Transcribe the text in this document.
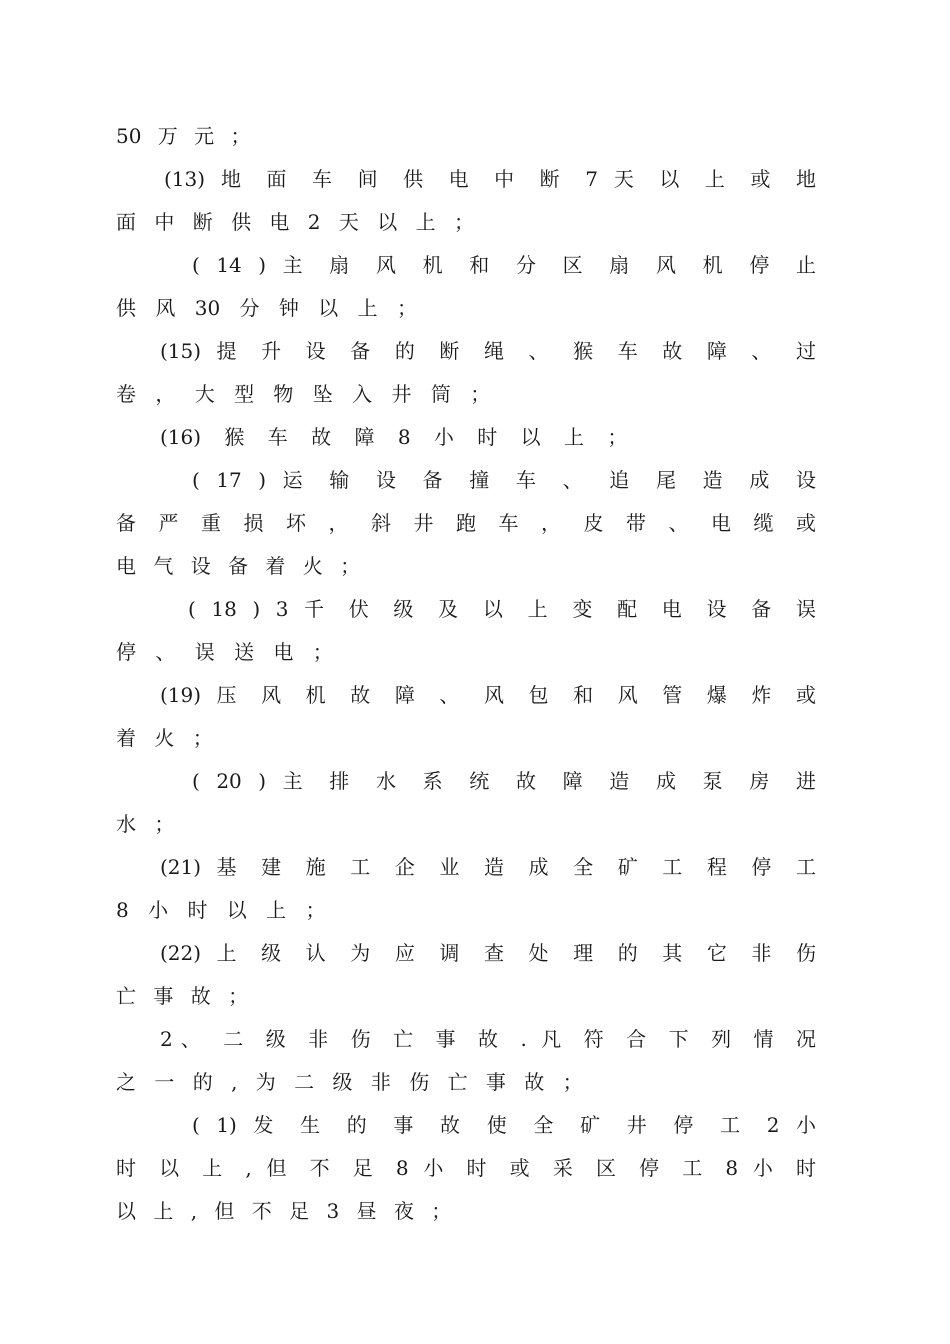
50 万 元 ；
(13) 地 面 车 间 供 电 中 断 7 天 以 上 或 地
面 中 断 供 电 2 天 以 上 ；
( 14 ) 主 扇 风 机 和 分 区 扇 风 机 停 止
供 风 30 分 钟 以 上 ；
(15) 提 升 设 备 的 断 绳 、 猴 车 故 障 、 过
卷 ， 大 型 物 坠 入 井 筒 ；
(16) 猴 车 故 障 8 小 时 以 上 ；
( 17 ) 运 输 设 备 撞 车 、 追 尾 造 成 设
备 严 重 损 坏 ， 斜 井 跑 车 ， 皮 带 、 电 缆 或
电 气 设 备 着 火 ；
( 18 ) 3 千 伏 级 及 以 上 变 配 电 设 备 误
停 、 误 送 电 ；
(19) 压 风 机 故 障 、 风 包 和 风 管 爆 炸 或
着 火 ；
( 20 ) 主 排 水 系 统 故 障 造 成 泵 房 进
水 ；
(21) 基 建 施 工 企 业 造 成 全 矿 工 程 停 工
8 小 时 以 上 ；
(22) 上 级 认 为 应 调 查 处 理 的 其 它 非 伤
亡 事 故 ；
2、 二 级 非 伤 亡 事 故 . 凡 符 合 下 列 情 况
之 一 的 , 为 二 级 非 伤 亡 事 故 ；
( 1) 发 生 的 事 故 使 全 矿 井 停 工 2 小
时 以 上 , 但 不 足 8 小 时 或 采 区 停 工 8 小 时
以 上 , 但 不 足 3 昼 夜 ；
